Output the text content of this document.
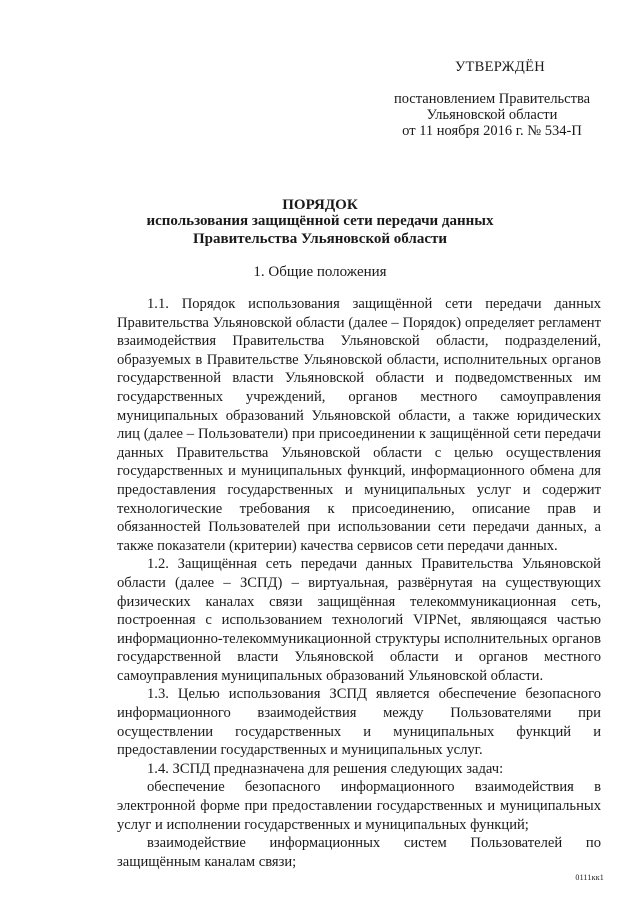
УТВЕРЖДЁН
постановлением Правительства
Ульяновской области
от 11 ноября 2016 г. № 534-П
ПОРЯДОК
использования защищённой сети передачи данных
Правительства Ульяновской области
1. Общие положения

1.1. Порядок использования защищённой сети передачи данных Правительства Ульяновской области (далее – Порядок) определяет регламент взаимодействия Правительства Ульяновской области, подразделений, образуемых в Правительстве Ульяновской области, исполнительных органов государственной власти Ульяновской области и подведомственных им государственных учреждений, органов местного самоуправления муниципальных образований Ульяновской области, а также юридических лиц (далее – Пользователи) при присоединении к защищённой сети передачи данных Правительства Ульяновской области с целью осуществления государственных и муниципальных функций, информационного обмена для предоставления государственных и муниципальных услуг и содержит технологические требования к присоединению, описание прав и обязанностей Пользователей при использовании сети передачи данных, а также показатели (критерии) качества сервисов сети передачи данных.

1.2. Защищённая сеть передачи данных Правительства Ульяновской области (далее – ЗСПД) – виртуальная, развёрнутая на существующих физических каналах связи защищённая телекоммуникационная сеть, построенная с использованием технологий VIPNet, являющаяся частью информационно-телекоммуникационной структуры исполнительных органов государственной власти Ульяновской области и органов местного самоуправления муниципальных образований Ульяновской области.

1.3. Целью использования ЗСПД является обеспечение безопасного информационного взаимодействия между Пользователями при осуществлении государственных и муниципальных функций и предоставлении государственных и муниципальных услуг.

1.4. ЗСПД предназначена для решения следующих задач:

обеспечение безопасного информационного взаимодействия в электронной форме при предоставлении государственных и муниципальных услуг и исполнении государственных и муниципальных функций;

взаимодействие информационных систем Пользователей по защищённым каналам связи;

0111кк1
